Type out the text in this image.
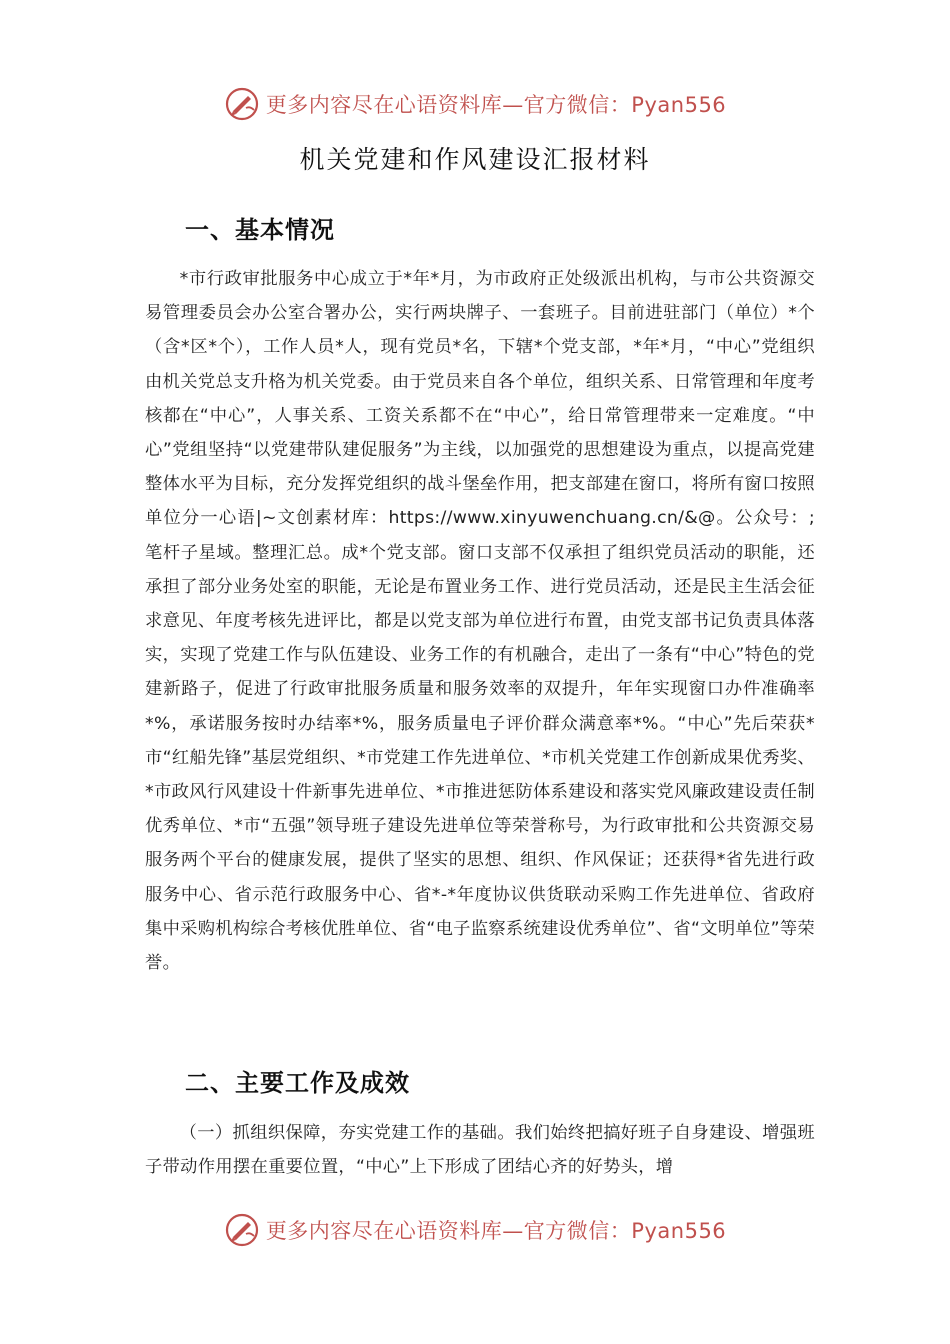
更多内容尽在心语资料库—官方微信：Pyan556
机关党建和作风建设汇报材料
一、基本情况
*市行政审批服务中心成立于*年*月，为市政府正处级派出机构，与市公共资源交易管理委员会办公室合署办公，实行两块牌子、一套班子。目前进驻部门（单位）*个（含*区*个），工作人员*人，现有党员*名，下辖*个党支部，*年*月，“中心”党组织由机关党总支升格为机关党委。由于党员来自各个单位，组织关系、日常管理和年度考核都在“中心”，人事关系、工资关系都不在“中心”，给日常管理带来一定难度。“中心”党组坚持“以党建带队建促服务”为主线，以加强党的思想建设为重点，以提高党建整体水平为目标，充分发挥党组织的战斗堡垒作用，把支部建在窗口，将所有窗口按照单位分一心语|~文创素材库：https://www.xinyuwenchuang.cn/&@。公众号：;笔杆子星域。整理汇总。成*个党支部。窗口支部不仅承担了组织党员活动的职能，还承担了部分业务处室的职能，无论是布置业务工作、进行党员活动，还是民主生活会征求意见、年度考核先进评比，都是以党支部为单位进行布置，由党支部书记负责具体落实，实现了党建工作与队伍建设、业务工作的有机融合，走出了一条有“中心”特色的党建新路子，促进了行政审批服务质量和服务效率的双提升，年年实现窗口办件准确率*%，承诺服务按时办结率*%，服务质量电子评价群众满意率*%。“中心”先后荣获*市“红船先锋”基层党组织、*市党建工作先进单位、*市机关党建工作创新成果优秀奖、*市政风行风建设十件新事先进单位、*市推进惩防体系建设和落实党风廉政建设责任制优秀单位、*市“五强”领导班子建设先进单位等荣誉称号，为行政审批和公共资源交易服务两个平台的健康发展，提供了坚实的思想、组织、作风保证；还获得*省先进行政服务中心、省示范行政服务中心、省*-*年度协议供货联动采购工作先进单位、省政府集中采购机构综合考核优胜单位、省“电子监察系统建设优秀单位”、省“文明单位”等荣誉。
二、主要工作及成效
（一）抓组织保障，夯实党建工作的基础。我们始终把搞好班子自身建设、增强班子带动作用摆在重要位置，“中心”上下形成了团结心齐的好势头，增
更多内容尽在心语资料库—官方微信：Pyan556
